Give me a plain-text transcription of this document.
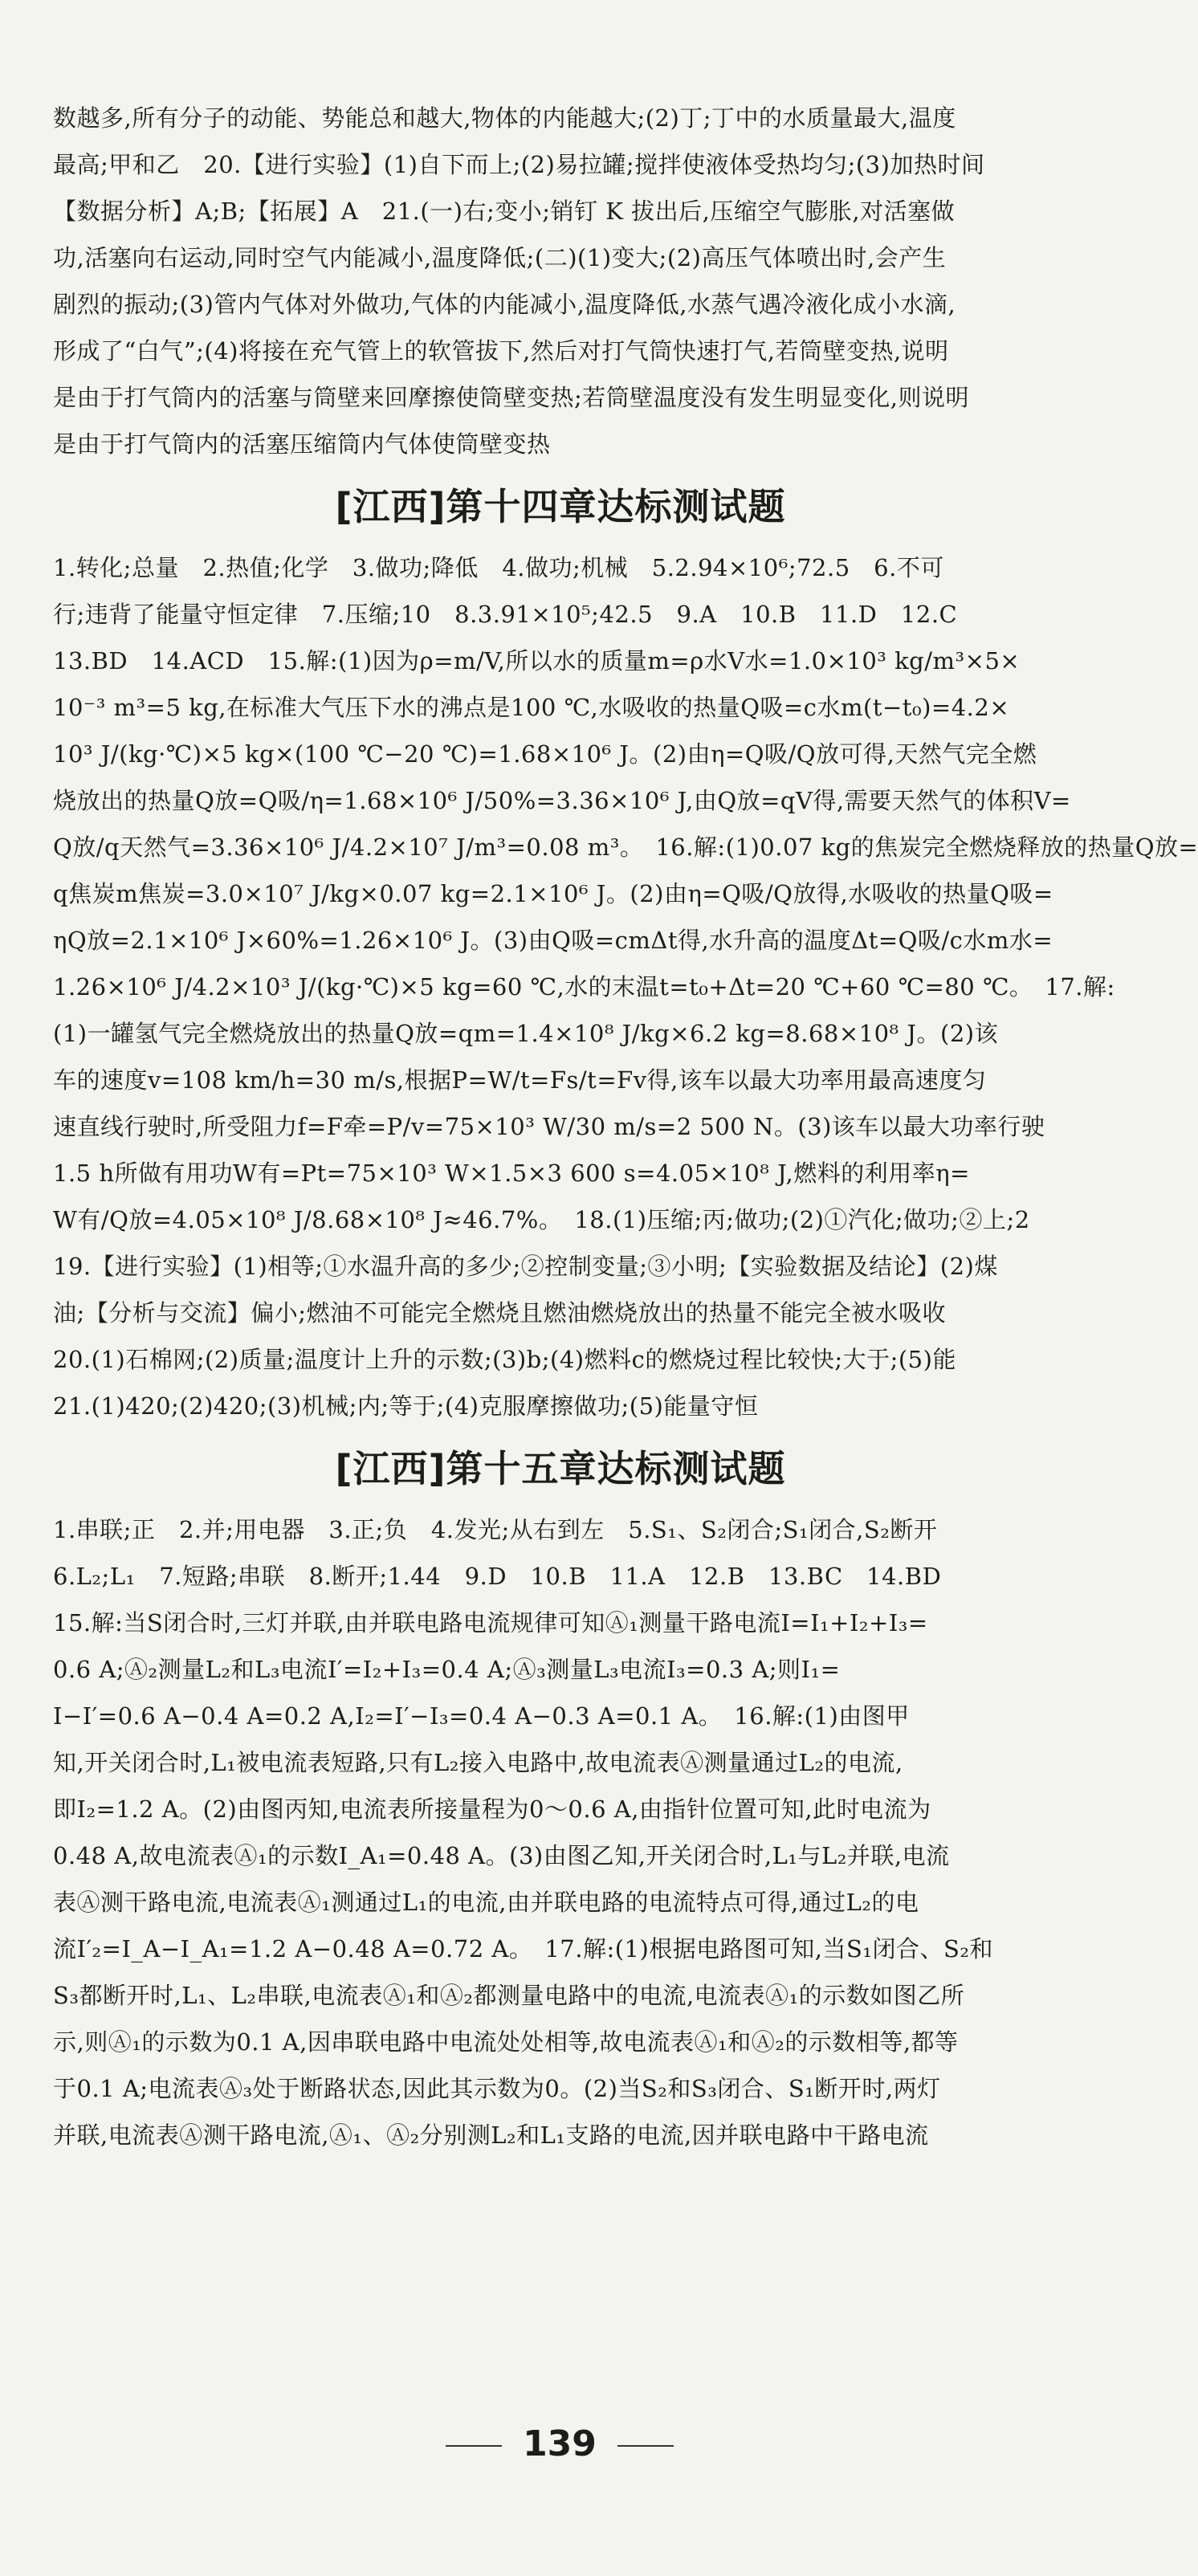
数越多,所有分子的动能、势能总和越大,物体的内能越大;(2)丁;丁中的水质量最大,温度
最高;甲和乙　20.【进行实验】(1)自下而上;(2)易拉罐;搅拌使液体受热均匀;(3)加热时间
【数据分析】A;B;【拓展】A　21.(一)右;变小;销钉 K 拔出后,压缩空气膨胀,对活塞做
功,活塞向右运动,同时空气内能减小,温度降低;(二)(1)变大;(2)高压气体喷出时,会产生
剧烈的振动;(3)管内气体对外做功,气体的内能减小,温度降低,水蒸气遇冷液化成小水滴,
形成了“白气”;(4)将接在充气管上的软管拔下,然后对打气筒快速打气,若筒壁变热,说明
是由于打气筒内的活塞与筒壁来回摩擦使筒壁变热;若筒壁温度没有发生明显变化,则说明
是由于打气筒内的活塞压缩筒内气体使筒壁变热
[江西]第十四章达标测试题
1.转化;总量　2.热值;化学　3.做功;降低　4.做功;机械　5.2.94×10⁶;72.5　6.不可
行;违背了能量守恒定律　7.压缩;10　8.3.91×10⁵;42.5　9.A　10.B　11.D　12.C
13.BD　14.ACD　15.解:(1)因为ρ=m/V,所以水的质量m=ρ水V水=1.0×10³ kg/m³×5×
10⁻³ m³=5 kg,在标准大气压下水的沸点是100 ℃,水吸收的热量Q吸=c水m(t−t₀)=4.2×
10³ J/(kg·℃)×5 kg×(100 ℃−20 ℃)=1.68×10⁶ J。(2)由η=Q吸/Q放可得,天然气完全燃
烧放出的热量Q放=Q吸/η=1.68×10⁶ J/50%=3.36×10⁶ J,由Q放=qV得,需要天然气的体积V=
Q放/q天然气=3.36×10⁶ J/4.2×10⁷ J/m³=0.08 m³。　16.解:(1)0.07 kg的焦炭完全燃烧释放的热量Q放=
q焦炭m焦炭=3.0×10⁷ J/kg×0.07 kg=2.1×10⁶ J。(2)由η=Q吸/Q放得,水吸收的热量Q吸=
ηQ放=2.1×10⁶ J×60%=1.26×10⁶ J。(3)由Q吸=cmΔt得,水升高的温度Δt=Q吸/c水m水=
1.26×10⁶ J/4.2×10³ J/(kg·℃)×5 kg=60 ℃,水的末温t=t₀+Δt=20 ℃+60 ℃=80 ℃。　17.解:
(1)一罐氢气完全燃烧放出的热量Q放=qm=1.4×10⁸ J/kg×6.2 kg=8.68×10⁸ J。(2)该
车的速度v=108 km/h=30 m/s,根据P=W/t=Fs/t=Fv得,该车以最大功率用最高速度匀
速直线行驶时,所受阻力f=F牵=P/v=75×10³ W/30 m/s=2 500 N。(3)该车以最大功率行驶
1.5 h所做有用功W有=Pt=75×10³ W×1.5×3 600 s=4.05×10⁸ J,燃料的利用率η=
W有/Q放=4.05×10⁸ J/8.68×10⁸ J≈46.7%。　18.(1)压缩;丙;做功;(2)①汽化;做功;②上;2
19.【进行实验】(1)相等;①水温升高的多少;②控制变量;③小明;【实验数据及结论】(2)煤
油;【分析与交流】偏小;燃油不可能完全燃烧且燃油燃烧放出的热量不能完全被水吸收
20.(1)石棉网;(2)质量;温度计上升的示数;(3)b;(4)燃料c的燃烧过程比较快;大于;(5)能
21.(1)420;(2)420;(3)机械;内;等于;(4)克服摩擦做功;(5)能量守恒
[江西]第十五章达标测试题
1.串联;正　2.并;用电器　3.正;负　4.发光;从右到左　5.S₁、S₂闭合;S₁闭合,S₂断开
6.L₂;L₁　7.短路;串联　8.断开;1.44　9.D　10.B　11.A　12.B　13.BC　14.BD
15.解:当S闭合时,三灯并联,由并联电路电流规律可知Ⓐ₁测量干路电流I=I₁+I₂+I₃=
0.6 A;Ⓐ₂测量L₂和L₃电流I′=I₂+I₃=0.4 A;Ⓐ₃测量L₃电流I₃=0.3 A;则I₁=
I−I′=0.6 A−0.4 A=0.2 A,I₂=I′−I₃=0.4 A−0.3 A=0.1 A。　16.解:(1)由图甲
知,开关闭合时,L₁被电流表短路,只有L₂接入电路中,故电流表Ⓐ测量通过L₂的电流,
即I₂=1.2 A。(2)由图丙知,电流表所接量程为0～0.6 A,由指针位置可知,此时电流为
0.48 A,故电流表Ⓐ₁的示数I_A₁=0.48 A。(3)由图乙知,开关闭合时,L₁与L₂并联,电流
表Ⓐ测干路电流,电流表Ⓐ₁测通过L₁的电流,由并联电路的电流特点可得,通过L₂的电
流I′₂=I_A−I_A₁=1.2 A−0.48 A=0.72 A。　17.解:(1)根据电路图可知,当S₁闭合、S₂和
S₃都断开时,L₁、L₂串联,电流表Ⓐ₁和Ⓐ₂都测量电路中的电流,电流表Ⓐ₁的示数如图乙所
示,则Ⓐ₁的示数为0.1 A,因串联电路中电流处处相等,故电流表Ⓐ₁和Ⓐ₂的示数相等,都等
于0.1 A;电流表Ⓐ₃处于断路状态,因此其示数为0。(2)当S₂和S₃闭合、S₁断开时,两灯
并联,电流表Ⓐ测干路电流,Ⓐ₁、Ⓐ₂分别测L₂和L₁支路的电流,因并联电路中干路电流
139
